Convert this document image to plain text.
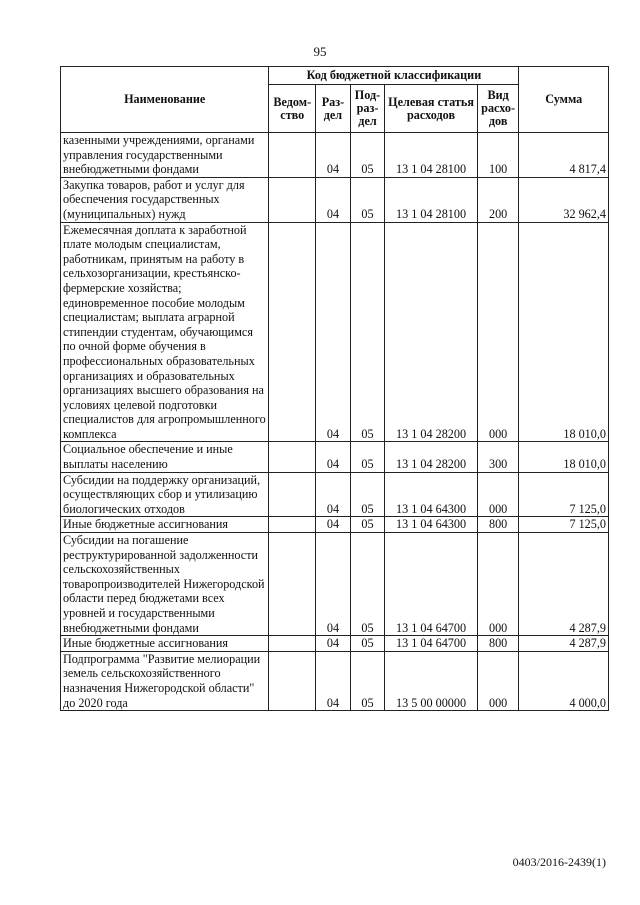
95
Наименование	Код бюджетной классификации					Сумма
	Ведом-ство	Раз-дел	Под-раз-дел	Целевая статья расходов	Вид расхо-дов	
казенными учреждениями, органами управления государственными внебюджетными фондами		04	05	13 1 04 28100	100	4 817,4
Закупка товаров, работ и услуг для обеспечения государственных (муниципальных) нужд		04	05	13 1 04 28100	200	32 962,4
Ежемесячная доплата к заработной плате молодым специалистам, работникам, принятым на работу в сельхозорганизации, крестьянско-фермерские хозяйства; единовременное пособие молодым специалистам; выплата аграрной стипендии студентам, обучающимся по очной форме обучения в профессиональных образовательных организациях и образовательных организациях высшего образования на условиях целевой подготовки специалистов для агропромышленного комплекса		04	05	13 1 04 28200	000	18 010,0
Социальное обеспечение и иные выплаты населению		04	05	13 1 04 28200	300	18 010,0
Субсидии на поддержку организаций, осуществляющих сбор и утилизацию биологических отходов		04	05	13 1 04 64300	000	7 125,0
Иные бюджетные ассигнования		04	05	13 1 04 64300	800	7 125,0
Субсидии на погашение реструктурированной задолженности сельскохозяйственных товаропроизводителей Нижегородской области перед бюджетами всех уровней и государственными внебюджетными фондами		04	05	13 1 04 64700	000	4 287,9
Иные бюджетные ассигнования		04	05	13 1 04 64700	800	4 287,9
Подпрограмма "Развитие мелиорации земель сельскохозяйственного назначения Нижегородской области" до 2020 года		04	05	13 5 00 00000	000	4 000,0
0403/2016-2439(1)
